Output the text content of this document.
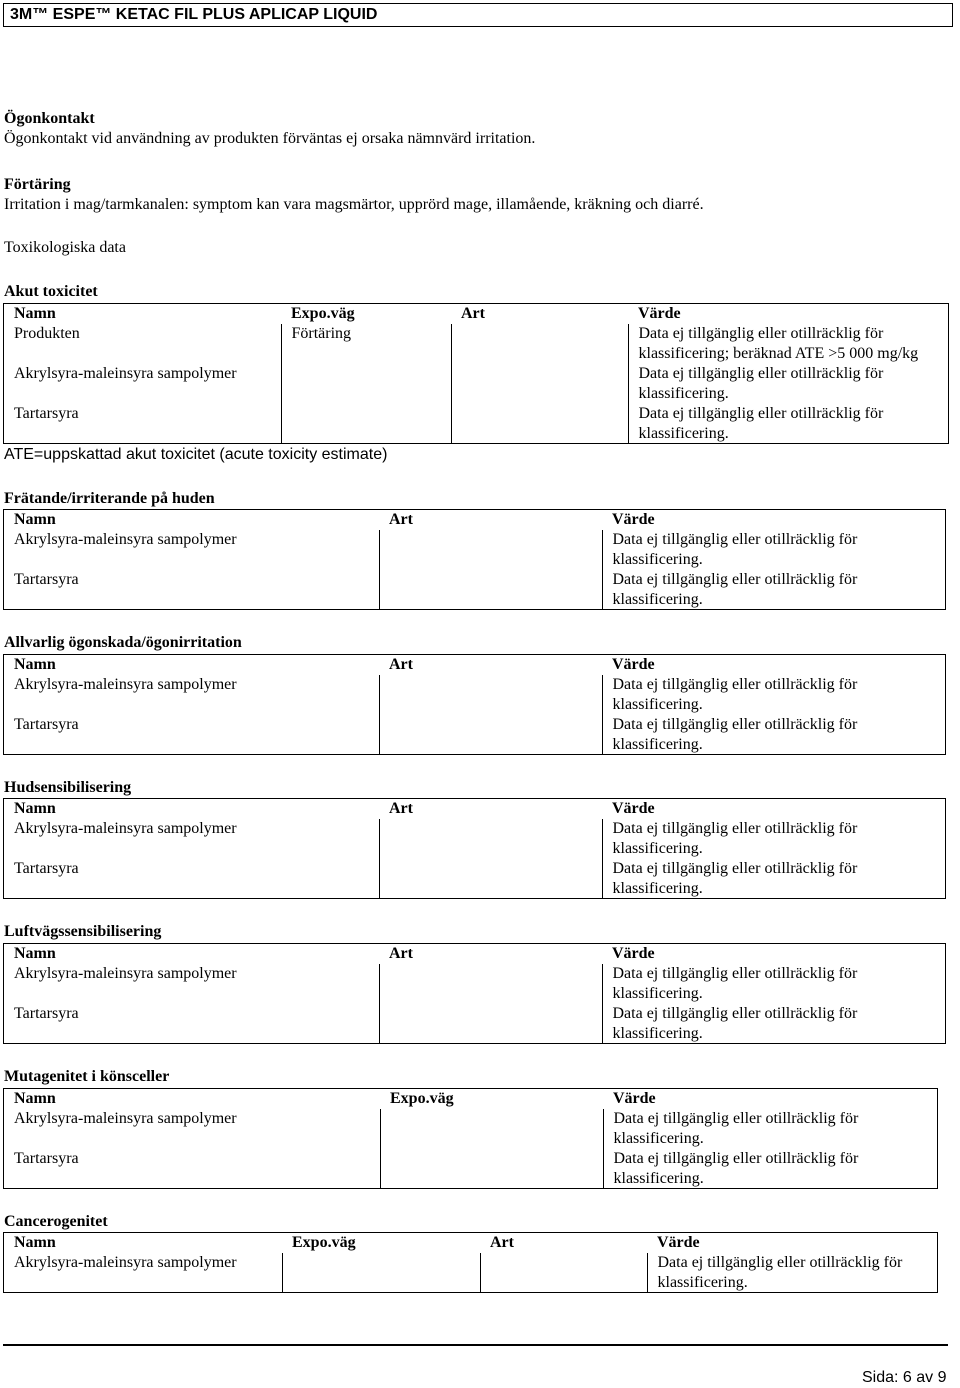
3M™ ESPE™ KETAC FIL PLUS APLICAP LIQUID
Ögonkontakt
Ögonkontakt vid användning av produkten förväntas ej orsaka nämnvärd irritation.
Förtäring
Irritation i mag/tarmkanalen: symptom kan vara magsmärtor, upprörd mage, illamående, kräkning och diarré.
Toxikologiska data
Akut toxicitet
Namn	Expo.väg	Art	Värde
Produkten	Förtäring		Data ej tillgänglig eller otillräcklig för
klassificering; beräknad ATE >5 000 mg/kg
Akrylsyra-maleinsyra sampolymer			Data ej tillgänglig eller otillräcklig för
klassificering.
Tartarsyra			Data ej tillgänglig eller otillräcklig för
klassificering.
ATE=uppskattad akut toxicitet (acute toxicity estimate)
Frätande/irriterande på huden
Namn	Art	Värde
Akrylsyra-maleinsyra sampolymer		Data ej tillgänglig eller otillräcklig för
klassificering.
Tartarsyra		Data ej tillgänglig eller otillräcklig för
klassificering.
Allvarlig ögonskada/ögonirritation
Namn	Art	Värde
Akrylsyra-maleinsyra sampolymer		Data ej tillgänglig eller otillräcklig för
klassificering.
Tartarsyra		Data ej tillgänglig eller otillräcklig för
klassificering.
Hudsensibilisering
Namn	Art	Värde
Akrylsyra-maleinsyra sampolymer		Data ej tillgänglig eller otillräcklig för
klassificering.
Tartarsyra		Data ej tillgänglig eller otillräcklig för
klassificering.
Luftvägssensibilisering
Namn	Art	Värde
Akrylsyra-maleinsyra sampolymer		Data ej tillgänglig eller otillräcklig för
klassificering.
Tartarsyra		Data ej tillgänglig eller otillräcklig för
klassificering.
Mutagenitet i könsceller
Namn	Expo.väg	Värde
Akrylsyra-maleinsyra sampolymer		Data ej tillgänglig eller otillräcklig för
klassificering.
Tartarsyra		Data ej tillgänglig eller otillräcklig för
klassificering.
Cancerogenitet
Namn	Expo.väg	Art	Värde
Akrylsyra-maleinsyra sampolymer			Data ej tillgänglig eller otillräcklig för
klassificering.
Sida: 6 av 9
